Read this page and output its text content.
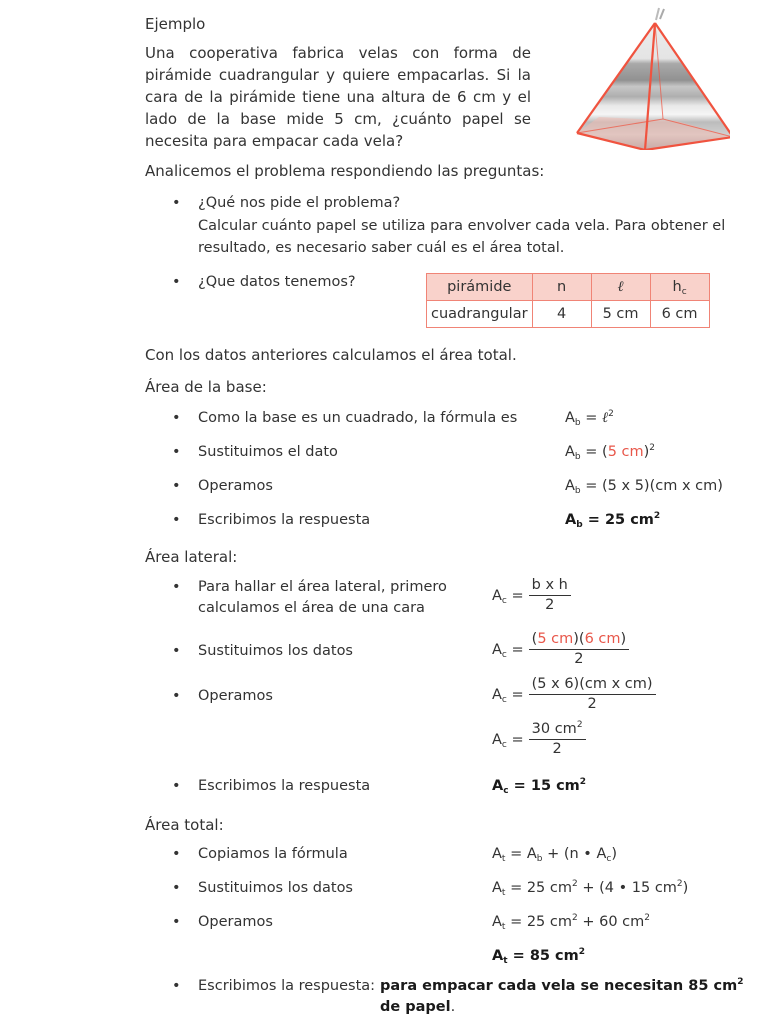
Ejemplo
Una cooperativa fabrica velas con forma de pirámide cuadrangular y quiere empacarlas. Si la cara de la pirámide tiene una altura de 6 cm y el lado de la base mide 5 cm, ¿cuánto papel se necesita para empacar cada vela?
Analicemos el problema respondiendo las preguntas:
• ¿Qué nos pide el problema?
Calcular cuánto papel se utiliza para envolver cada vela. Para obtener el resultado, es necesario saber cuál es el área total.
• ¿Que datos tenemos?	pirámide	n	ℓ	$h_c$
cuadrangular	4	5 cm	6 cm
Con los datos anteriores calculamos el área total.
Área de la base:
• Como la base es un cuadrado, la fórmula es	$A_b$ = ℓ$^2$
• Sustituimos el dato	$A_b = (5$ cm)$^2$
• Operamos	$A_b = (5$ x 5)(cm x cm)
• Escribimos la respuesta	$A_b = 25$ $cm^2$
Área lateral:
• Para hallar el área lateral, primero
calculamos el área de una cara
$A_c = \frac{\text{b x h}}{2}$
• Sustituimos los datos	$A_c = \frac{(5 cm)(6 cm)}{2}$
• Operamos	$A_c = \frac{\text{(5 x 6)(cm x cm)}}{2}$
$A_c = \frac{30 cm^2}{2}$
• Escribimos la respuesta	$A_c = 15$ $cm^2$
Área total:
• Copiamos la fórmula	$A_t = A_b + (n$ • $A_c$)
• Sustituimos los datos	$A_t = 25$ $cm^2 + (4$ • 15 $cm^2$)
• Operamos	$A_t = 25$ $cm^2 + 60$ $cm^2$
$A_t = 85$ $cm^2$
• Escribimos la respuesta: para empacar cada vela se necesitan 85 $cm^2$
de papel.
